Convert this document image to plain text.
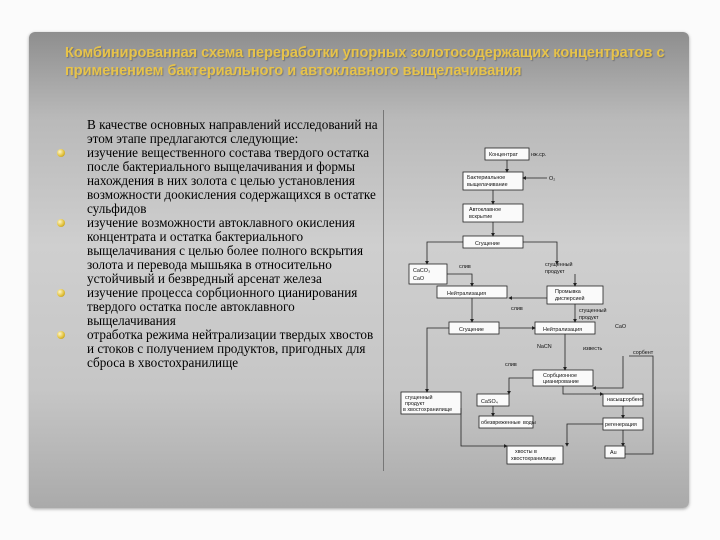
Комбинированная схема переработки упорных золотосодержащих концентратов с применением бактериального и автоклавного выщелачивания

В качестве основных направлений исследований на этом этапе предлагаются следующие:

изучение вещественного состава твердого остатка после бактериального выщелачивания и формы нахождения в них золота с целью установления возможности доокисления содержащихся в остатке сульфидов
изучение возможности автоклавного окисления концентрата и остатка бактериального выщелачивания с целью более полного вскрытия золота и перевода мышьяка в относительно устойчивый и безвредный арсенат железа
изучение процесса сорбционного цианирования твердого остатка после автоклавного выщелачивания
отработка режима нейтрализации твердых хвостов и стоков с получением продуктов, пригодных для сброса в хвостохранилище
Концентрат нж.ср.
Бактериальное
выщелачивание
O₂
Автоклавное
вскрытие
Сгущение
CaCO₃
CaO
слив	сгущенный
продукт
Нейтрализация	Промывка
дисперсией
сгущенный
продукт
слив
CaO
Сгущение	Нейтрализация
NaCN	известь
сорбент
слив
Сорбционное
цианирование
сгущенный
продукт
в хвостохранилище
CaSO₄
обезвреженные воды
насыщ.
сорбент
регенерация
хвосты в
хвостохранилище
Au
